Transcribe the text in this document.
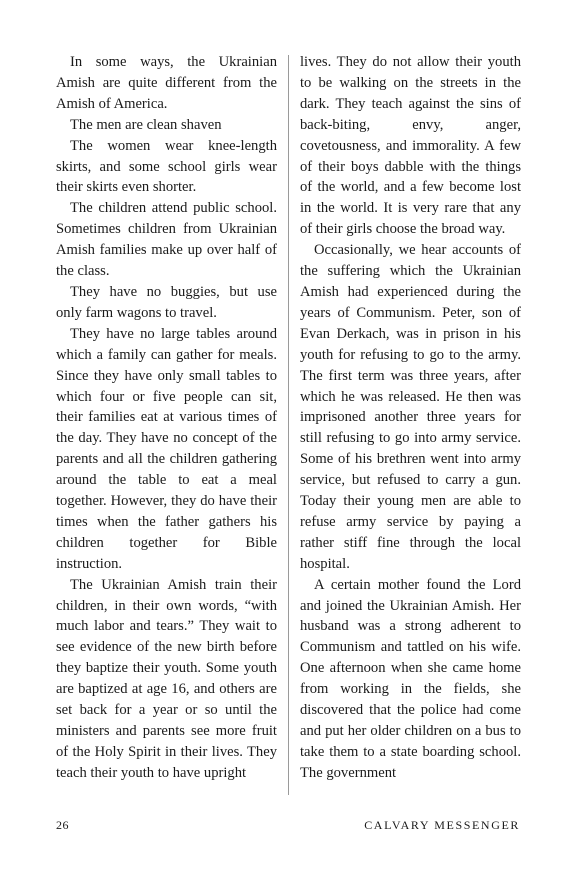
In some ways, the Ukrainian Amish are quite different from the Amish of America.

The men are clean shaven

The women wear knee-length skirts, and some school girls wear their skirts even shorter.

The children attend public school. Sometimes children from Ukrainian Amish families make up over half of the class.

They have no buggies, but use only farm wagons to travel.

They have no large tables around which a family can gather for meals. Since they have only small tables to which four or five people can sit, their families eat at various times of the day. They have no concept of the parents and all the children gathering around the table to eat a meal together. However, they do have their times when the father gathers his children together for Bible instruction.

The Ukrainian Amish train their children, in their own words, “with much labor and tears.” They wait to see evidence of the new birth before they baptize their youth. Some youth are baptized at age 16, and others are set back for a year or so until the ministers and parents see more fruit of the Holy Spirit in their lives. They teach their youth to have upright

lives. They do not allow their youth to be walking on the streets in the dark. They teach against the sins of back-biting, envy, anger, covetousness, and immorality. A few of their boys dabble with the things of the world, and a few become lost in the world. It is very rare that any of their girls choose the broad way.

Occasionally, we hear accounts of the suffering which the Ukrainian Amish had experienced during the years of Communism. Peter, son of Evan Derkach, was in prison in his youth for refusing to go to the army. The first term was three years, after which he was released. He then was imprisoned another three years for still refusing to go into army service. Some of his brethren went into army service, but refused to carry a gun. Today their young men are able to refuse army service by paying a rather stiff fine through the local hospital.

A certain mother found the Lord and joined the Ukrainian Amish. Her husband was a strong adherent to Communism and tattled on his wife. One afternoon when she came home from working in the fields, she discovered that the police had come and put her older children on a bus to take them to a state boarding school. The government

26	CALVARY MESSENGER
